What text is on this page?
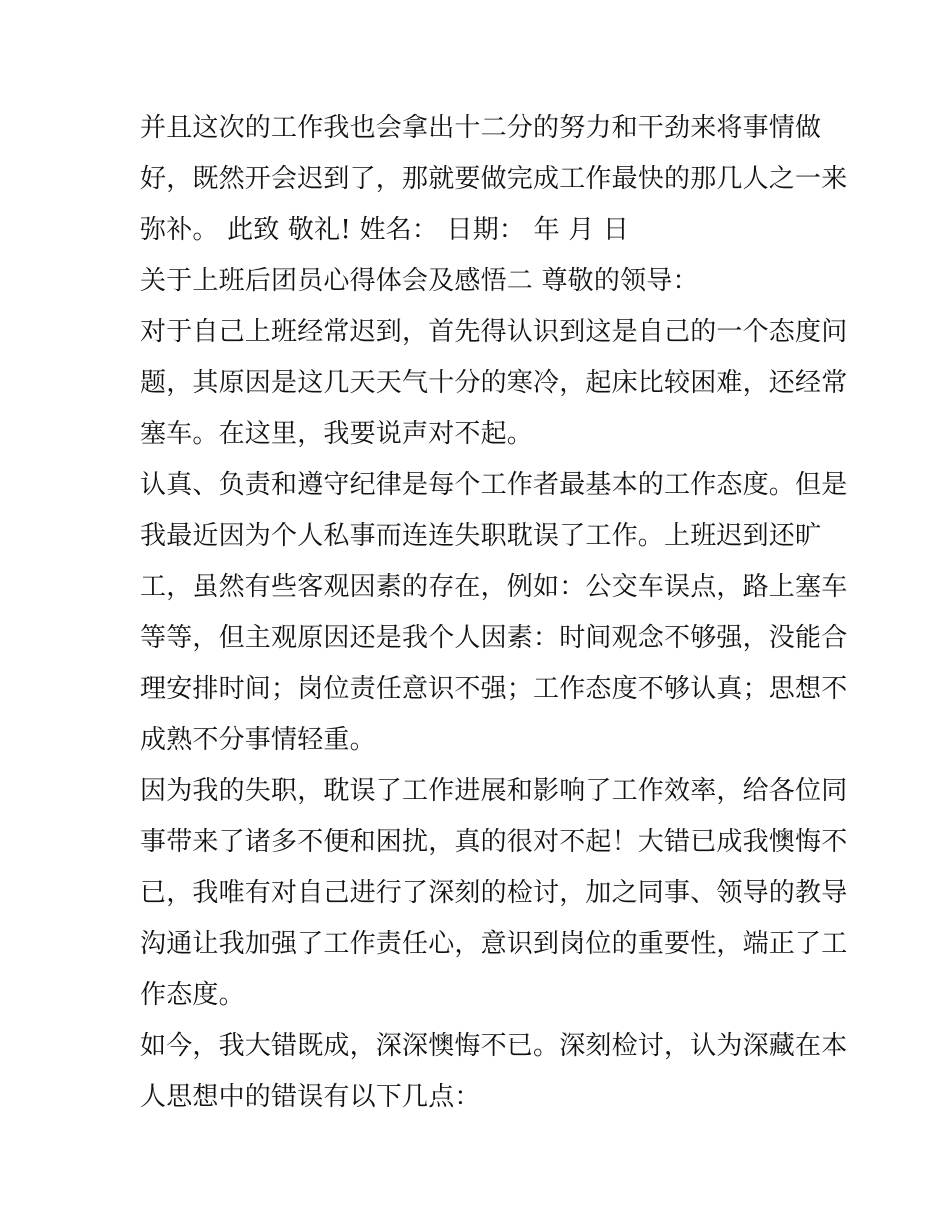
并且这次的工作我也会拿出十二分的努力和干劲来将事情做
好，既然开会迟到了，那就要做完成工作最快的那几人之一来
弥补。 此致 敬礼! 姓名： 日期： 年 月 日
关于上班后团员心得体会及感悟二 尊敬的领导：
对于自己上班经常迟到，首先得认识到这是自己的一个态度问
题，其原因是这几天天气十分的寒冷，起床比较困难，还经常
塞车。在这里，我要说声对不起。
认真、负责和遵守纪律是每个工作者最基本的工作态度。但是
我最近因为个人私事而连连失职耽误了工作。上班迟到还旷
工，虽然有些客观因素的存在，例如：公交车误点，路上塞车
等等，但主观原因还是我个人因素：时间观念不够强，没能合
理安排时间；岗位责任意识不强；工作态度不够认真；思想不
成熟不分事情轻重。
因为我的失职，耽误了工作进展和影响了工作效率，给各位同
事带来了诸多不便和困扰，真的很对不起！大错已成我懊悔不
已，我唯有对自己进行了深刻的检讨，加之同事、领导的教导
沟通让我加强了工作责任心，意识到岗位的重要性，端正了工
作态度。
如今，我大错既成，深深懊悔不已。深刻检讨，认为深藏在本
人思想中的错误有以下几点：
